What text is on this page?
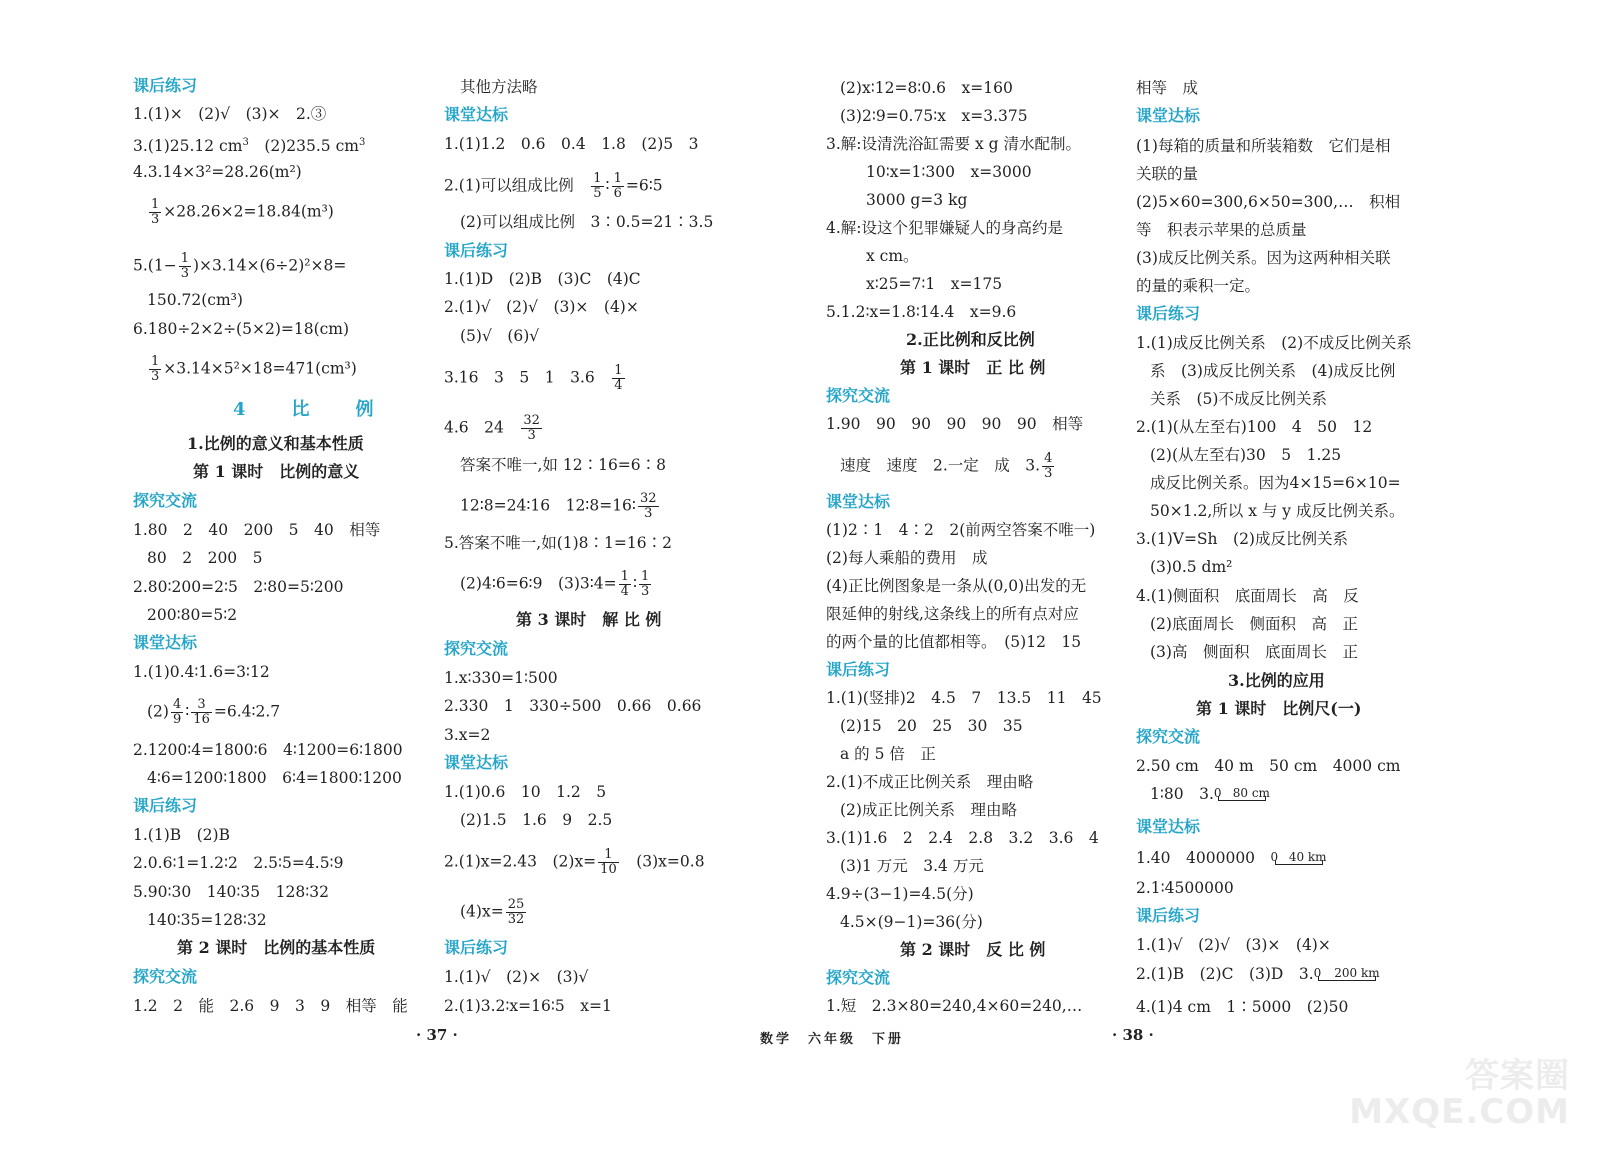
课后练习
1.(1)×　(2)√　(3)×　2.③
3.(1)25.12 $cm^3$　(2)235.5 $cm^3$
4.3.14×3²=28.26(m²)
$\frac{1}{3} \times 28.26\times 2=18.84(m^3)$
$5.(1- \frac{1}{3} )\times 3.14\times(6\div 2)^2\times 8=$
150.72(cm³)
6.180÷2×2÷(5×2)=18(cm)
$\frac{1}{3} \times 3.14\times 5^2\times 18=471(cm^3)$
4　比　例
1.比例的意义和基本性质
第 1 课时　比例的意义
探究交流
1.80　2　40　200　5　40　相等
80　2　200　5
2.80∶200=2∶5　2∶80=5∶200
200∶80=5∶2
课堂达标
1.(1)0.4∶1.6=3∶12
$(2) \frac{4}{9}$ ∶ $\frac{3}{16}$ =6.4∶2.7
2.1200∶4=1800∶6　4∶1200=6∶1800
4∶6=1200∶1800　6∶4=1800∶1200
课后练习
1.(1)B　(2)B
2.0.6∶1=1.2∶2　2.5∶5=4.5∶9
5.90∶30　140∶35　128∶32
140∶35=128∶32
第 2 课时　比例的基本性质
探究交流
1.2　2　能　2.6　9　3　9　相等　能
其他方法略
课堂达标
1.(1)1.2　0.6　0.4　1.8　(2)5　3
2.(1)可以组成比例　 $\frac{1}{5}$ ∶ $\frac{1}{6}$ =6∶5
(2)可以组成比例　3∶0.5=21∶3.5
课后练习
1.(1)D　(2)B　(3)C　(4)C
2.(1)√　(2)√　(3)×　(4)×
(5)√　(6)√
3.16　3　5　1　3.6　 $\frac{1}{4}$
4.6　24　 $\frac{32}{3}$
答案不唯一,如 12∶16=6∶8
12∶8=24∶16　12∶8=16∶ $\frac{32}{3}$
5.答案不唯一,如(1)8∶1=16∶2
(2)4∶6=6∶9　(3)3∶4= $\frac{1}{4}$ ∶ $\frac{1}{3}$
第 3 课时　解 比 例
探究交流
1.x∶330=1∶500
2.330　1　330÷500　0.66　0.66
3.x=2
课堂达标
1.(1)0.6　10　1.2　5
(2)1.5　1.6　9　2.5
2.(1)x=2.43　$(2)x= \frac{1}{10}$ 　(3)x=0.8
$(4)x= \frac{25}{32}$
课后练习
1.(1)√　(2)×　(3)√
2.(1)3.2∶x=16∶5　x=1
(2)x∶12=8∶0.6　x=160
(3)2∶9=0.75∶x　x=3.375
3.解:设清洗浴缸需要 x g 清水配制。
10∶x=1∶300　x=3000
3000 g=3 kg
4.解:设这个犯罪嫌疑人的身高约是
x cm。
x∶25=7∶1　x=175
5.1.2∶x=1.8∶14.4　x=9.6
2.正比例和反比例
第 1 课时　正 比 例
探究交流
1.90　90　90　90　90　90　相等
速度　速度　2.一定　成　3. $\frac{4}{3}$
课堂达标
(1)2∶1　4∶2　2(前两空答案不唯一)
(2)每人乘船的费用　成
(4)正比例图象是一条从(0,0)出发的无
限延伸的射线,这条线上的所有点对应
的两个量的比值都相等。　(5)12　15
课后练习
1.(1)(竖排)2　4.5　7　13.5　11　45
(2)15　20　25　30　35
a 的 5 倍　正
2.(1)不成正比例关系　理由略
(2)成正比例关系　理由略
3.(1)1.6　2　2.4　2.8　3.2　3.6　4
(3)1 万元　3.4 万元
4.9÷(3−1)=4.5(分)
4.5×(9−1)=36(分)
第 2 课时　反 比 例
探究交流
1.短　2.3×80=240,4×60=240,…
相等　成
课堂达标
(1)每箱的质量和所装箱数　它们是相
关联的量
(2)5×60=300,6×50=300,…　积相
等　积表示苹果的总质量
(3)成反比例关系。因为这两种相关联
的量的乘积一定。
课后练习
1.(1)成反比例关系　(2)不成反比例关系
系　(3)成反比例关系　(4)成反比例
关系　(5)不成反比例关系
2.(1)(从左至右)100　4　50　12
(2)(从左至右)30　5　1.25
成反比例关系。因为4×15=6×10=
50×1.2,所以 x 与 y 成反比例关系。
3.(1)V=Sh　(2)成反比例关系
(3)0.5 dm²
4.(1)侧面积　底面周长　高　反
(2)底面周长　侧面积　高　正
(3)高　侧面积　底面周长　正
3.比例的应用
第 1 课时　比例尺(一)
探究交流
2.50 cm　40 m　50 cm　4000 cm
1∶80　3. 0 80 cm
课堂达标
1.40　4000000　 0 40 km
2.1∶4500000
课后练习
1.(1)√　(2)√　(3)×　(4)×
2.(1)B　(2)C　(3)D　3. 0 200 km
4.(1)4 cm　1∶5000　(2)50
· 37 ·	数学　六年级　下册	· 38 ·
答案圈
MXQE.COM
